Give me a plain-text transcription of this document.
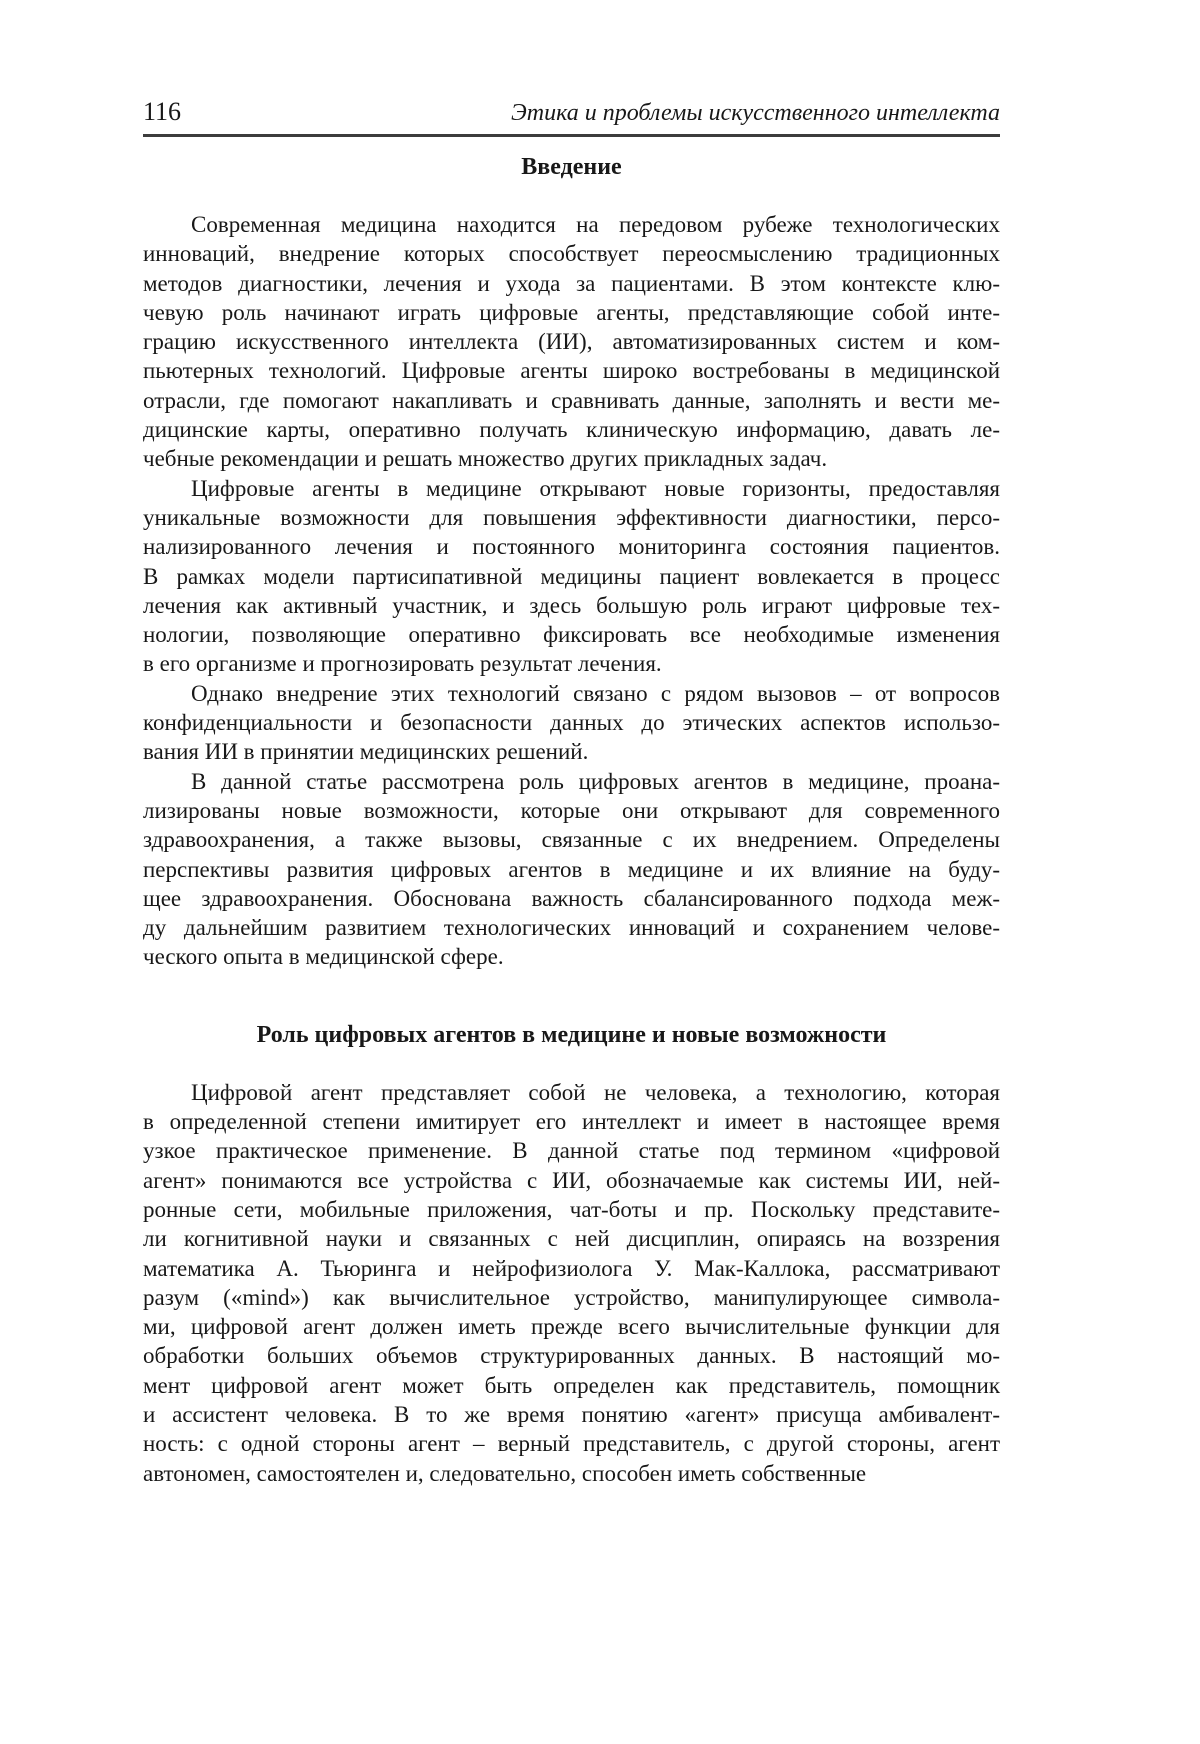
116	Этика и проблемы искусственного интеллекта
Введение
Современная медицина находится на передовом рубеже технологических
инноваций, внедрение которых способствует переосмыслению традиционных
методов диагностики, лечения и ухода за пациентами. В этом контексте клю-
чевую роль начинают играть цифровые агенты, представляющие собой инте-
грацию искусственного интеллекта (ИИ), автоматизированных систем и ком-
пьютерных технологий. Цифровые агенты широко востребованы в медицинской
отрасли, где помогают накапливать и сравнивать данные, заполнять и вести ме-
дицинские карты, оперативно получать клиническую информацию, давать ле-
чебные рекомендации и решать множество других прикладных задач.
Цифровые агенты в медицине открывают новые горизонты, предоставляя
уникальные возможности для повышения эффективности диагностики, персо-
нализированного лечения и постоянного мониторинга состояния пациентов.
В рамках модели партисипативной медицины пациент вовлекается в процесс
лечения как активный участник, и здесь большую роль играют цифровые тех-
нологии, позволяющие оперативно фиксировать все необходимые изменения
в его организме и прогнозировать результат лечения.
Однако внедрение этих технологий связано с рядом вызовов – от вопросов
конфиденциальности и безопасности данных до этических аспектов использо-
вания ИИ в принятии медицинских решений.
В данной статье рассмотрена роль цифровых агентов в медицине, проана-
лизированы новые возможности, которые они открывают для современного
здравоохранения, а также вызовы, связанные с их внедрением. Определены
перспективы развития цифровых агентов в медицине и их влияние на буду-
щее здравоохранения. Обоснована важность сбалансированного подхода меж-
ду дальнейшим развитием технологических инноваций и сохранением челове-
ческого опыта в медицинской сфере.
Роль цифровых агентов в медицине и новые возможности
Цифровой агент представляет собой не человека, а технологию, которая
в определенной степени имитирует его интеллект и имеет в настоящее время
узкое практическое применение. В данной статье под термином «цифровой
агент» понимаются все устройства с ИИ, обозначаемые как системы ИИ, ней-
ронные сети, мобильные приложения, чат-боты и пр. Поскольку представите-
ли когнитивной науки и связанных с ней дисциплин, опираясь на воззрения
математика А. Тьюринга и нейрофизиолога У. Мак-Каллока, рассматривают
разум («mind») как вычислительное устройство, манипулирующее символа-
ми, цифровой агент должен иметь прежде всего вычислительные функции для
обработки больших объемов структурированных данных. В настоящий мо-
мент цифровой агент может быть определен как представитель, помощник
и ассистент человека. В то же время понятию «агент» присуща амбивалент-
ность: с одной стороны агент – верный представитель, с другой стороны, агент
автономен, самостоятелен и, следовательно, способен иметь собственные
